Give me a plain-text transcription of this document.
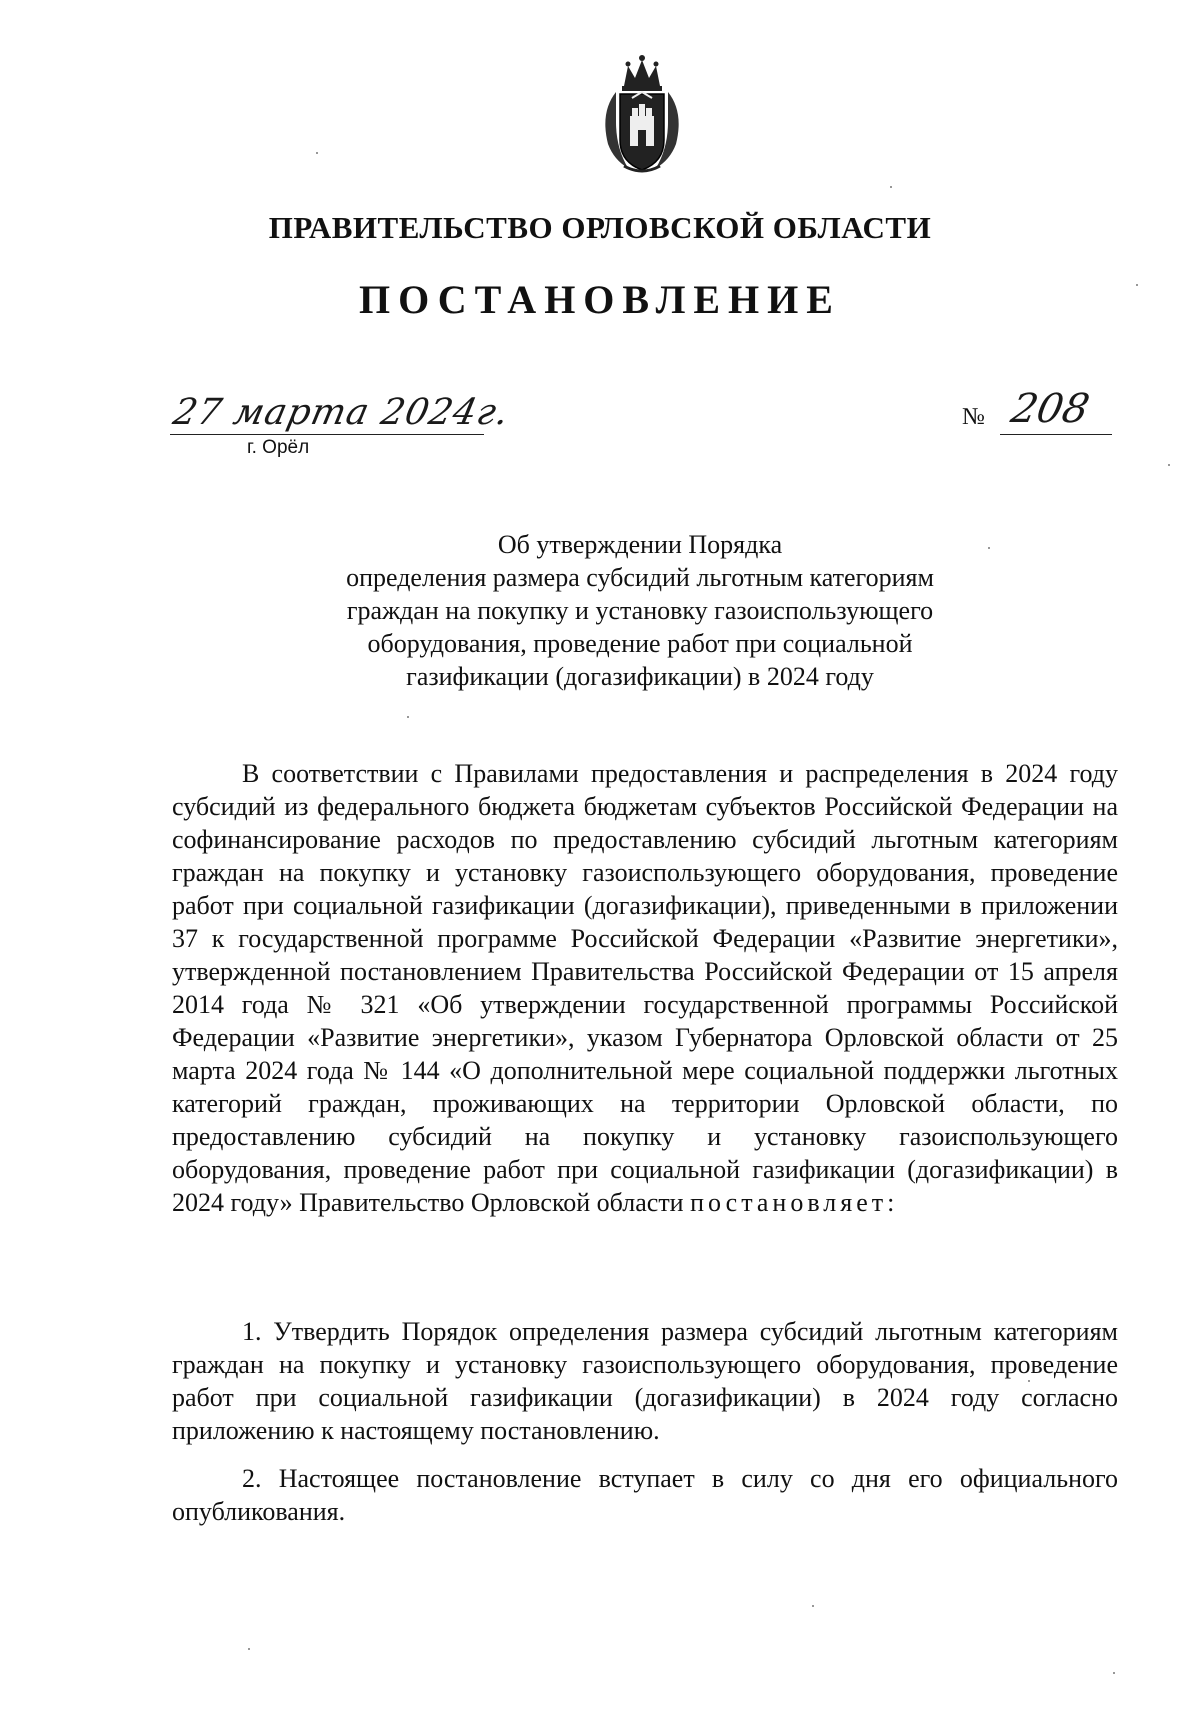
ПРАВИТЕЛЬСТВО ОРЛОВСКОЙ ОБЛАСТИ
ПОСТАНОВЛЕНИЕ
27 марта 2024г.
г. Орёл
№ 208
Об утверждении Порядка
определения размера субсидий льготным категориям
граждан на покупку и установку газоиспользующего
оборудования, проведение работ при социальной
газификации (догазификации) в 2024 году
В соответствии с Правилами предоставления и распределения в 2024 году субсидий из федерального бюджета бюджетам субъектов Российской Федерации на софинансирование расходов по предоставлению субсидий льготным категориям граждан на покупку и установку газоиспользующего оборудования, проведение работ при социальной газификации (догазификации), приведенными в приложении 37 к государственной программе Российской Федерации «Развитие энергетики», утвержденной постановлением Правительства Российской Федерации от 15 апреля 2014 года № 321 «Об утверждении государственной программы Российской Федерации «Развитие энергетики», указом Губернатора Орловской области от 25 марта 2024 года № 144 «О дополнительной мере социальной поддержки льготных категорий граждан, проживающих на территории Орловской области, по предоставлению субсидий на покупку и установку газоиспользующего оборудования, проведение работ при социальной газификации (догазификации) в 2024 году» Правительство Орловской области постановляет:
1. Утвердить Порядок определения размера субсидий льготным категориям граждан на покупку и установку газоиспользующего оборудования, проведение работ при социальной газификации (догазификации) в 2024 году согласно приложению к настоящему постановлению.
2. Настоящее постановление вступает в силу со дня его официального опубликования.
